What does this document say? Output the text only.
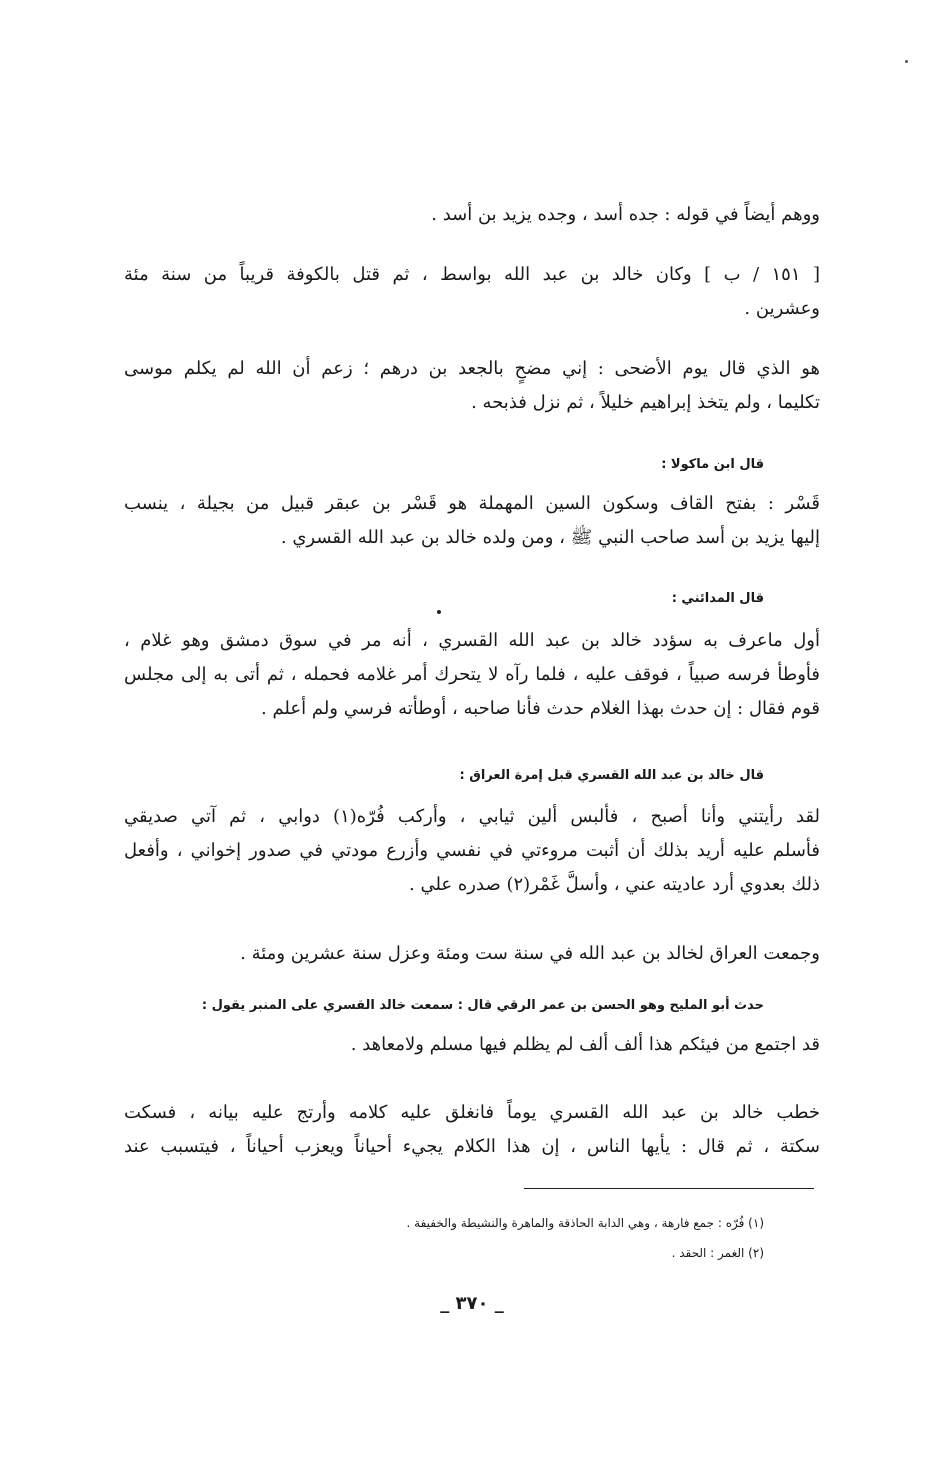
ووهم أيضاً في قوله : جده أسد ، وجده يزيد بن أسد .
[ ١٥١ / ب ] وكان خالد بن عبد الله بواسط ، ثم قتل بالكوفة قريباً من سنة مئة
وعشرين .
هو الذي قال يوم الأضحى : إني مضحٍ بالجعد بن درهم ؛ زعم أن الله لم يكلم موسى
تكليما ، ولم يتخذ إبراهيم خليلاً ، ثم نزل فذبحه .
قال ابن ماكولا :
قَسْر : بفتح القاف وسكون السين المهملة هو قَسْر بن عبقر قبيل من بجيلة ، ينسب
إليها يزيد بن أسد صاحب النبي ﷺ ، ومن ولده خالد بن عبد الله القسري .
قال المدائني :
أول ماعرف به سؤدد خالد بن عبد الله القسري ، أنه مر في سوق دمشق وهو غلام ،
فأوطأ فرسه صبياً ، فوقف عليه ، فلما رآه لا يتحرك أمر غلامه فحمله ، ثم أتى به إلى مجلس
قوم فقال : إن حدث بهذا الغلام حدث فأنا صاحبه ، أوطأته فرسي ولم أعلم .
قال خالد بن عبد الله القسري قبل إمرة العراق :
لقد رأيتني وأنا أصبح ، فألبس ألين ثيابي ، وأركب فُرّه(١) دوابي ، ثم آتي صديقي
فأسلم عليه أريد بذلك أن أثبت مروءتي في نفسي وأزرع مودتي في صدور إخواني ، وأفعل
ذلك بعدوي أرد عاديته عني ، وأسلَّ غَمْر(٢) صدره علي .
وجمعت العراق لخالد بن عبد الله في سنة ست ومئة وعزل سنة عشرين ومئة .
حدث أبو المليح وهو الحسن بن عمر الرقي قال : سمعت خالد القسري على المنبر يقول :
قد اجتمع من فيئكم هذا ألف ألف لم يظلم فيها مسلم ولامعاهد .
خطب خالد بن عبد الله القسري يوماً فانغلق عليه كلامه وأرتج عليه بيانه ، فسكت
سكتة ، ثم قال : يأيها الناس ، إن هذا الكلام يجيء أحياناً ويعزب أحياناً ، فيتسبب عند
(١) فُرّه : جمع فارهة ، وهي الدابة الحاذقة والماهرة والنشيطة والخفيفة .
(٢) الغمر : الحقد .
_ ٣٧٠ _
